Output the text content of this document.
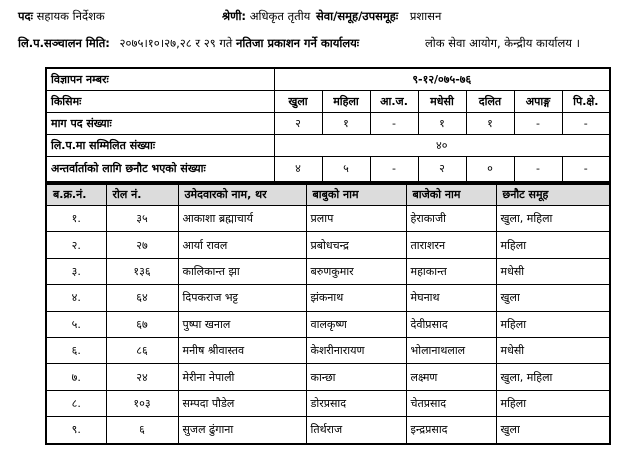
पदः सहायक निर्देशक	श्रेणी: अधिकृत तृतीय सेवा/समूह/उपसमूहः प्रशासन
लि.प.सञ्चालन मिति: २०७५।१०।२७,२८ र २९ गते नतिजा प्रकाशन गर्ने कार्यालयः	लोक सेवा आयोग, केन्द्रीय कार्यालय ।
विज्ञापन नम्बरः	९-१२/०७५-७६						
किसिमः	खुला	महिला	आ.ज.	मधेसी	दलित	अपाङ्ग	पि.क्षे.
माग पद संख्याः	२	१	-	१	१	-	-
लि.प.मा सम्मिलित संख्याः	४०						
अन्तर्वार्ताको लागि छनौट भएको संख्याः	४	५	-	२	०	-	-
ब.क्र.नं.	रोल नं.	उमेदवारको नाम, थर	बाबुको नाम	बाजेको नाम	छनौट समूह
१.	३५	आकाशा ब्रह्माचार्य	प्रलाप	हेराकाजी	खुला, महिला
२.	२७	आर्या रावल	प्रबोधचन्द्र	ताराशरन	महिला
३.	१३६	कालिकान्त झा	बरुणकुमार	महाकान्त	मधेसी
४.	६४	दिपकराज भट्ट	झंकनाथ	मेघनाथ	खुला
५.	६७	पुष्पा खनाल	वालकृष्ण	देवीप्रसाद	महिला
६.	८६	मनीष श्रीवास्तव	केशरीनारायण	भोलानाथलाल	मधेसी
७.	२४	मेरीना नेपाली	कान्छा	लक्ष्मण	खुला, महिला
८.	१०३	सम्पदा पौडेल	डोरप्रसाद	चेतप्रसाद	महिला
९.	६	सुजल ढुंगाना	तिर्थराज	इन्द्रप्रसाद	खुला
